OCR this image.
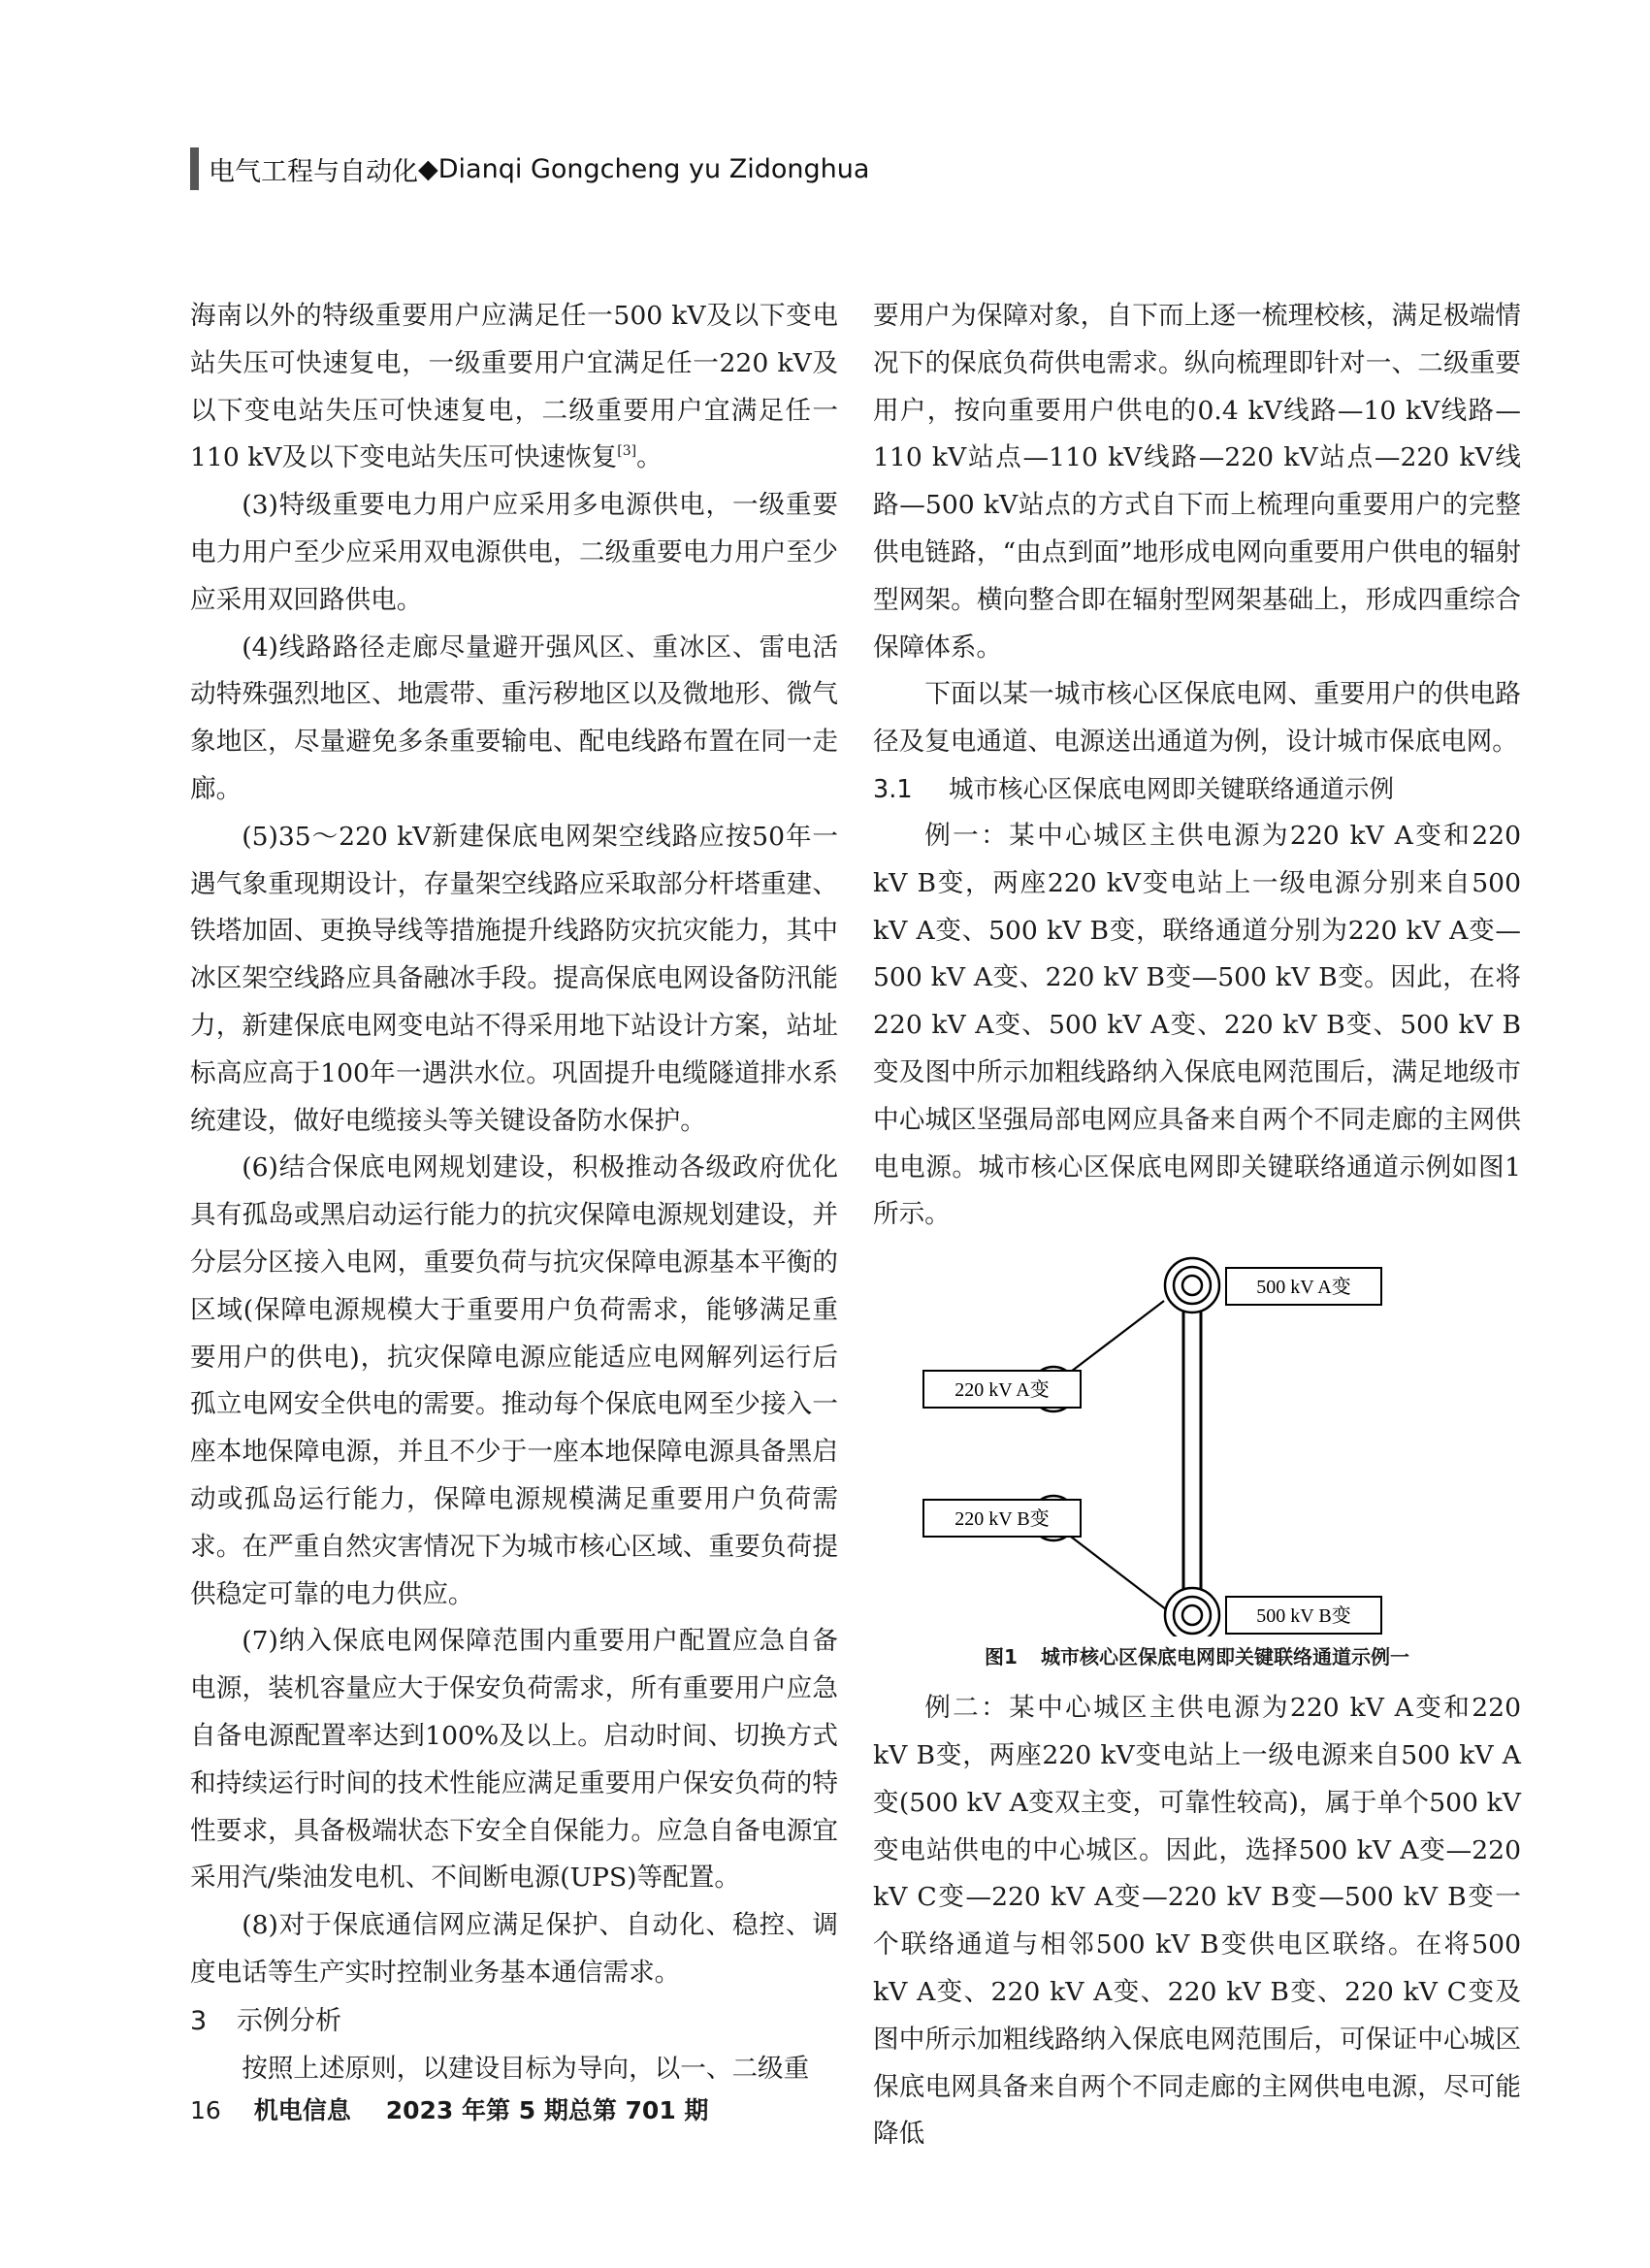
电气工程与自动化 ◆ Dianqi Gongcheng yu Zidonghua

海南以外的特级重要用户应满足任一500 kV及以下变电站失压可快速复电，一级重要用户宜满足任一220 kV及以下变电站失压可快速复电，二级重要用户宜满足任一110 kV及以下变电站失压可快速恢复[3]。

(3)特级重要电力用户应采用多电源供电，一级重要电力用户至少应采用双电源供电，二级重要电力用户至少应采用双回路供电。

(4)线路路径走廊尽量避开强风区、重冰区、雷电活动特殊强烈地区、地震带、重污秽地区以及微地形、微气象地区，尽量避免多条重要输电、配电线路布置在同一走廊。

(5)35～220 kV新建保底电网架空线路应按50年一遇气象重现期设计，存量架空线路应采取部分杆塔重建、铁塔加固、更换导线等措施提升线路防灾抗灾能力，其中冰区架空线路应具备融冰手段。提高保底电网设备防汛能力，新建保底电网变电站不得采用地下站设计方案，站址标高应高于100年一遇洪水位。巩固提升电缆隧道排水系统建设，做好电缆接头等关键设备防水保护。

(6)结合保底电网规划建设，积极推动各级政府优化具有孤岛或黑启动运行能力的抗灾保障电源规划建设，并分层分区接入电网，重要负荷与抗灾保障电源基本平衡的区域(保障电源规模大于重要用户负荷需求，能够满足重要用户的供电)，抗灾保障电源应能适应电网解列运行后孤立电网安全供电的需要。推动每个保底电网至少接入一座本地保障电源，并且不少于一座本地保障电源具备黑启动或孤岛运行能力，保障电源规模满足重要用户负荷需求。在严重自然灾害情况下为城市核心区域、重要负荷提供稳定可靠的电力供应。

(7)纳入保底电网保障范围内重要用户配置应急自备电源，装机容量应大于保安负荷需求，所有重要用户应急自备电源配置率达到100%及以上。启动时间、切换方式和持续运行时间的技术性能应满足重要用户保安负荷的特性要求，具备极端状态下安全自保能力。应急自备电源宜采用汽/柴油发电机、不间断电源(UPS)等配置。

(8)对于保底通信网应满足保护、自动化、稳控、调度电话等生产实时控制业务基本通信需求。

3 示例分析

按照上述原则，以建设目标为导向，以一、二级重

要用户为保障对象，自下而上逐一梳理校核，满足极端情况下的保底负荷供电需求。纵向梳理即针对一、二级重要用户，按向重要用户供电的0.4 kV线路—10 kV线路—110 kV站点—110 kV线路—220 kV站点—220 kV线路—500 kV站点的方式自下而上梳理向重要用户的完整供电链路，“由点到面”地形成电网向重要用户供电的辐射型网架。横向整合即在辐射型网架基础上，形成四重综合保障体系。

下面以某一城市核心区保底电网、重要用户的供电路径及复电通道、电源送出通道为例，设计城市保底电网。

3.1 城市核心区保底电网即关键联络通道示例

例一：某中心城区主供电源为220 kV A变和220 kV B变，两座220 kV变电站上一级电源分别来自500 kV A变、500 kV B变，联络通道分别为220 kV A变—500 kV A变、220 kV B变—500 kV B变。因此，在将220 kV A变、500 kV A变、220 kV B变、500 kV B变及图中所示加粗线路纳入保底电网范围后，满足地级市中心城区坚强局部电网应具备来自两个不同走廊的主网供电电源。城市核心区保底电网即关键联络通道示例如图1所示。

500 kV A变
220 kV A变
220 kV B变
500 kV B变
图1 城市核心区保底电网即关键联络通道示例一

例二：某中心城区主供电源为220 kV A变和220 kV B变，两座220 kV变电站上一级电源来自500 kV A变(500 kV A变双主变，可靠性较高)，属于单个500 kV变电站供电的中心城区。因此，选择500 kV A变—220 kV C变—220 kV A变—220 kV B变—500 kV B变一个联络通道与相邻500 kV B变供电区联络。在将500 kV A变、220 kV A变、220 kV B变、220 kV C变及图中所示加粗线路纳入保底电网范围后，可保证中心城区保底电网具备来自两个不同走廊的主网供电电源，尽可能降低

16 机电信息 2023 年第 5 期总第 701 期
